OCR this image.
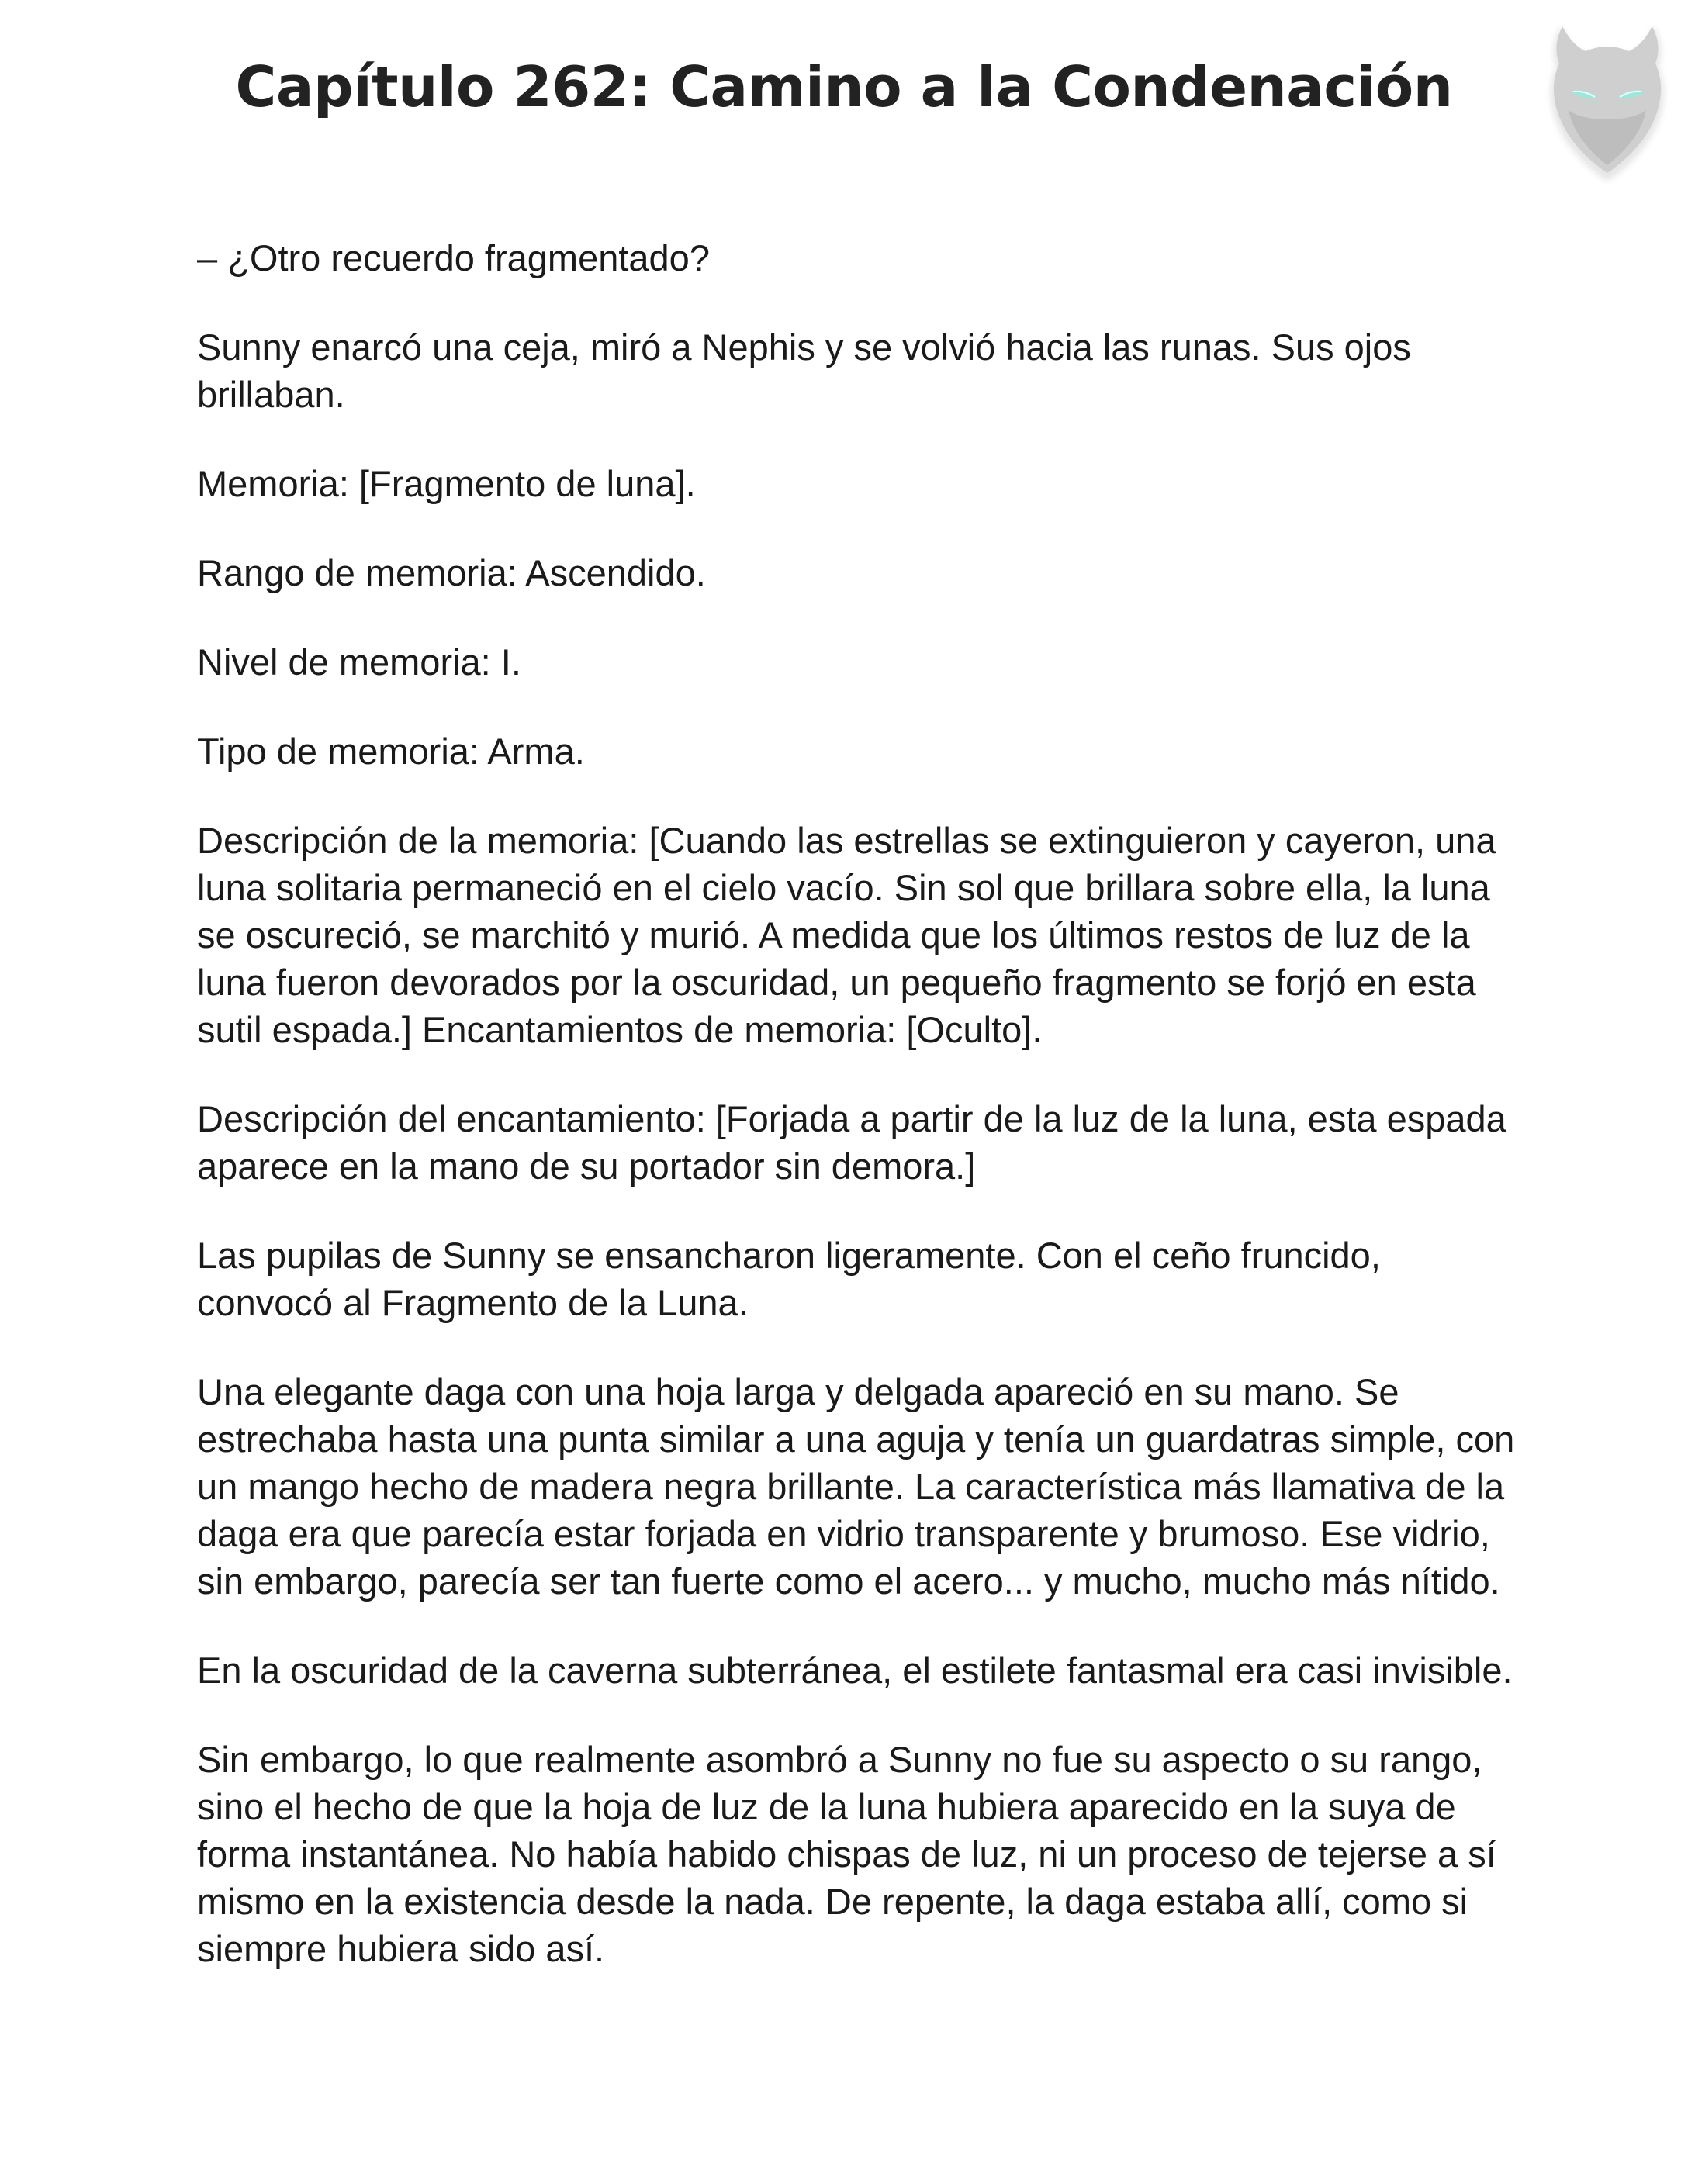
Capítulo 262: Camino a la Condenación

– ¿Otro recuerdo fragmentado?

Sunny enarcó una ceja, miró a Nephis y se volvió hacia las runas. Sus ojos brillaban.

Memoria: [Fragmento de luna].

Rango de memoria: Ascendido.

Nivel de memoria: I.

Tipo de memoria: Arma.

Descripción de la memoria: [Cuando las estrellas se extinguieron y cayeron, una luna solitaria permaneció en el cielo vacío. Sin sol que brillara sobre ella, la luna se oscureció, se marchitó y murió. A medida que los últimos restos de luz de la luna fueron devorados por la oscuridad, un pequeño fragmento se forjó en esta sutil espada.] Encantamientos de memoria: [Oculto].

Descripción del encantamiento: [Forjada a partir de la luz de la luna, esta espada aparece en la mano de su portador sin demora.]

Las pupilas de Sunny se ensancharon ligeramente. Con el ceño fruncido, convocó al Fragmento de la Luna.

Una elegante daga con una hoja larga y delgada apareció en su mano. Se estrechaba hasta una punta similar a una aguja y tenía un guardatras simple, con un mango hecho de madera negra brillante. La característica más llamativa de la daga era que parecía estar forjada en vidrio transparente y brumoso. Ese vidrio, sin embargo, parecía ser tan fuerte como el acero... y mucho, mucho más nítido.

En la oscuridad de la caverna subterránea, el estilete fantasmal era casi invisible.

Sin embargo, lo que realmente asombró a Sunny no fue su aspecto o su rango, sino el hecho de que la hoja de luz de la luna hubiera aparecido en la suya de forma instantánea. No había habido chispas de luz, ni un proceso de tejerse a sí mismo en la existencia desde la nada. De repente, la daga estaba allí, como si siempre hubiera sido así.
